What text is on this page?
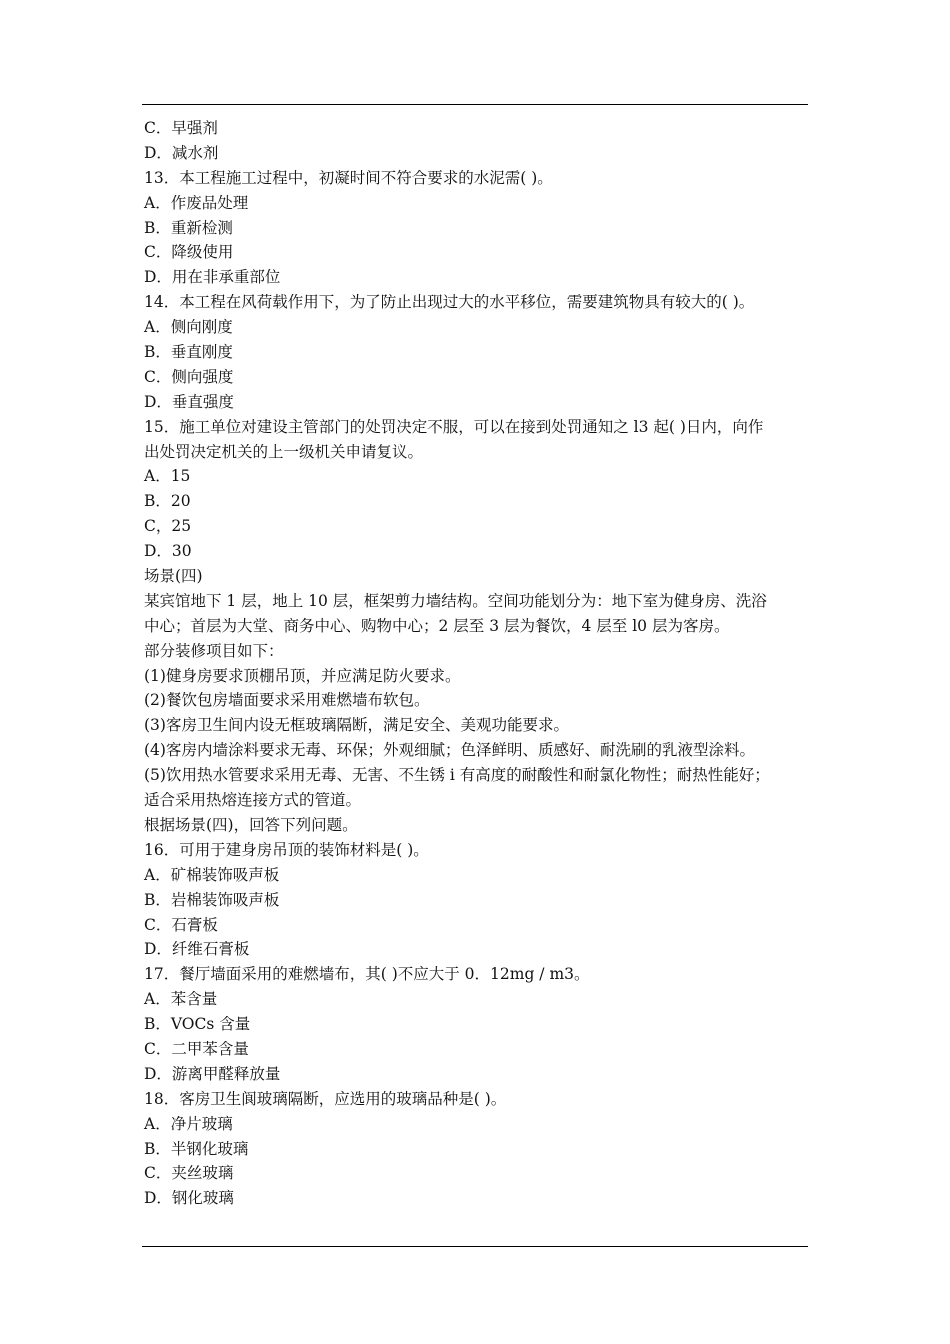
C．早强剂

D．减水剂

13．本工程施工过程中，初凝时间不符合要求的水泥需( )。

A．作废品处理

B．重新检测

C．降级使用

D．用在非承重部位

14．本工程在风荷载作用下，为了防止出现过大的水平移位，需要建筑物具有较大的( )。

A．侧向刚度

B．垂直刚度

C．侧向强度

D．垂直强度

15．施工单位对建设主管部门的处罚决定不服，可以在接到处罚通知之 l3 起( )日内，向作

出处罚决定机关的上一级机关申请复议。

A．15

B．20

C，25

D．30

场景(四)

某宾馆地下 1 层，地上 10 层，框架剪力墙结构。空间功能划分为：地下室为健身房、洗浴

中心；首层为大堂、商务中心、购物中心；2 层至 3 层为餐饮，4 层至 l0 层为客房。

部分装修项目如下：

(1)健身房要求顶棚吊顶，并应满足防火要求。

(2)餐饮包房墙面要求采用难燃墙布软包。

(3)客房卫生间内设无框玻璃隔断，满足安全、美观功能要求。

(4)客房内墙涂料要求无毒、环保；外观细腻；色泽鲜明、质感好、耐洗刷的乳液型涂料。

(5)饮用热水管要求采用无毒、无害、不生锈 i 有高度的耐酸性和耐氯化物性；耐热性能好；

适合采用热熔连接方式的管道。

根据场景(四)，回答下列问题。

16．可用于建身房吊顶的装饰材料是( )。

A．矿棉装饰吸声板

B．岩棉装饰吸声板

C．石膏板

D．纤维石膏板

17．餐厅墙面采用的难燃墙布，其( )不应大于 0．12mg / m3。

A．苯含量

B．VOCs 含量

C．二甲苯含量

D．游离甲醛释放量

18．客房卫生阆玻璃隔断，应选用的玻璃品种是( )。

A．净片玻璃

B．半钢化玻璃

C．夹丝玻璃

D．钢化玻璃
